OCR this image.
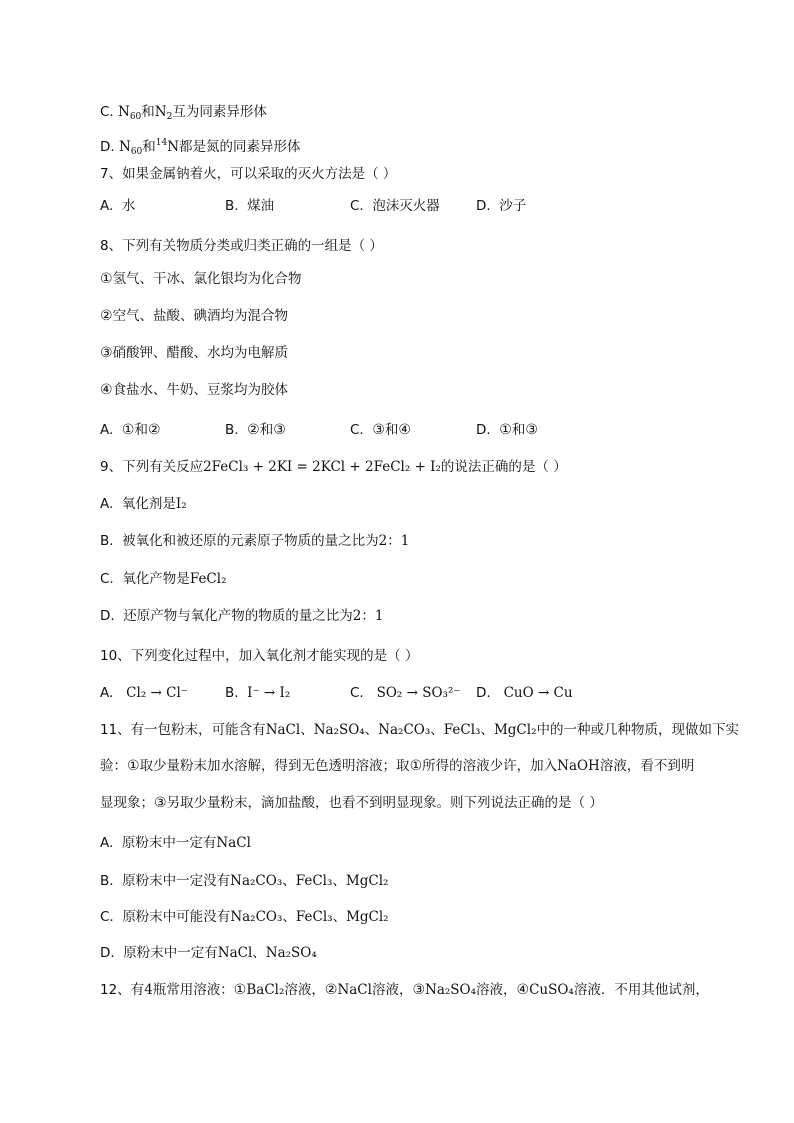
C. $N_{60}$和$N_2$互为同素异形体
D. $N_{60}$和$^{14}$N都是氮的同素异形体
7、如果金属钠着火，可以采取的灭火方法是（ ）
A. 水	B. 煤油	C. 泡沫灭火器	D. 沙子
8、下列有关物质分类或归类正确的一组是（ ）
①氢气、干冰、氯化银均为化合物
②空气、盐酸、碘酒均为混合物
③硝酸钾、醋酸、水均为电解质
④食盐水、牛奶、豆浆均为胶体
A. ①和②	B. ②和③	C. ③和④	D. ①和③
9、下列有关反应2FeCl₃ + 2KI = 2KCl + 2FeCl₂ + I₂的说法正确的是（ ）
A. 氧化剂是I₂
B. 被氧化和被还原的元素原子物质的量之比为2：1
C. 氧化产物是FeCl₂
D. 还原产物与氧化产物的物质的量之比为2：1
10、下列变化过程中，加入氧化剂才能实现的是（ ）
A. Cl₂ → Cl⁻	B. I⁻ → I₂	C. SO₂ → SO₃²⁻ D. CuO → Cu
11、有一包粉末，可能含有NaCl、Na₂SO₄、Na₂CO₃、FeCl₃、MgCl₂中的一种或几种物质，现做如下实
验：①取少量粉末加水溶解，得到无色透明溶液；取①所得的溶液少许，加入NaOH溶液，看不到明
显现象；③另取少量粉末，滴加盐酸，也看不到明显现象。则下列说法正确的是（ ）
A. 原粉末中一定有NaCl
B. 原粉末中一定没有Na₂CO₃、FeCl₃、MgCl₂
C. 原粉末中可能没有Na₂CO₃、FeCl₃、MgCl₂
D. 原粉末中一定有NaCl、Na₂SO₄
12、有4瓶常用溶液：①BaCl₂溶液，②NaCl溶液，③Na₂SO₄溶液，④CuSO₄溶液．不用其他试剂，
